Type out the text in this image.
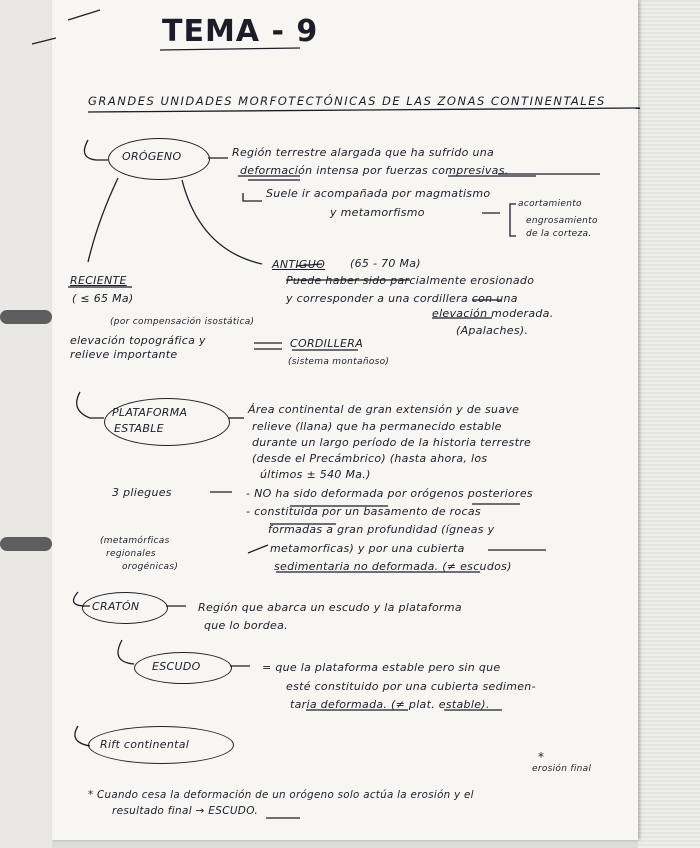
TEMA - 9
GRANDES UNIDADES MORFOTECTÓNICAS DE LAS ZONAS CONTINENTALES
ORÓGENO	Región terrestre alargada que ha sufrido una
deformación intensa por fuerzas compresivas.
Suele ir acompañada por magmatismo
y metamorfismo
acortamiento
engrosamiento
de la corteza.
ANTIGUO (65 - 70 Ma)
Puede haber sido parcialmente erosionado
y corresponder a una cordillera con una
elevación moderada.
(Apalaches).
RECIENTE
( ≤ 65 Ma)
(por compensación isostática)
elevación topográfica y
relieve importante
CORDILLERA
(sistema montañoso)
PLATAFORMA
ESTABLE
Área continental de gran extensión y de suave
relieve (llana) que ha permanecido estable
durante un largo período de la historia terrestre
(desde el Precámbrico) (hasta ahora, los
últimos ± 540 Ma.)
3 pliegues	- NO ha sido deformada por orógenos posteriores
- constituida por un basamento de rocas
formadas a gran profundidad (ígneas y
metamorficas) y por una cubierta
sedimentaria no deformada. (≠ escudos)
(metamórficas
regionales
orogénicas)
CRATÓN	Región que abarca un escudo y la plataforma
que lo bordea.
ESCUDO	= que la plataforma estable pero sin que
esté constituido por una cubierta sedimen-
taria deformada. (≠ plat. estable).
Rift continental
*
erosión final
* Cuando cesa la deformación de un orógeno solo actúa la erosión y el
resultado final → ESCUDO.
